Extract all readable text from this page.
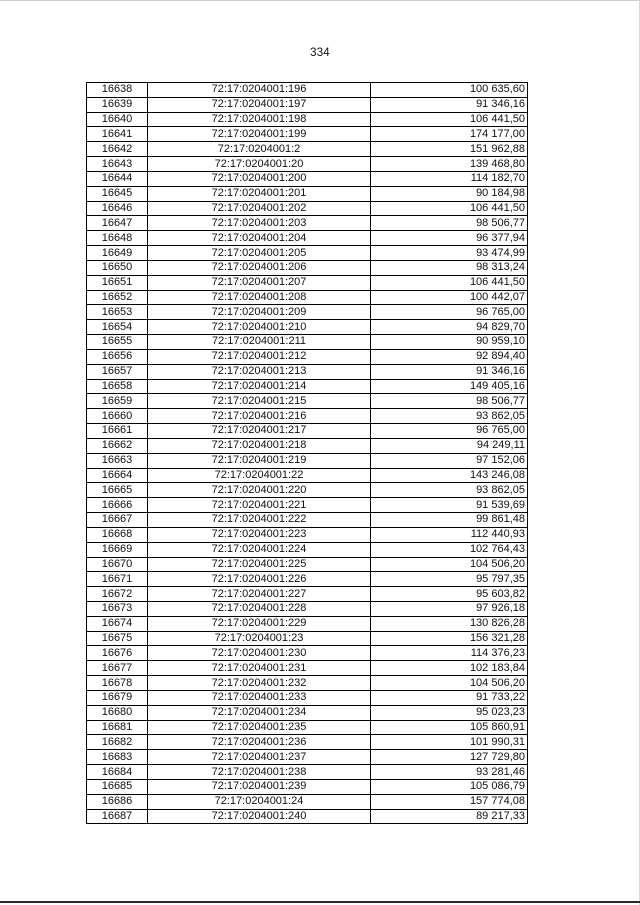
334
16638	72:17:0204001:196	100 635,60
16639	72:17:0204001:197	91 346,16
16640	72:17:0204001:198	106 441,50
16641	72:17:0204001:199	174 177,00
16642	72:17:0204001:2	151 962,88
16643	72:17:0204001:20	139 468,80
16644	72:17:0204001:200	114 182,70
16645	72:17:0204001:201	90 184,98
16646	72:17:0204001:202	106 441,50
16647	72:17:0204001:203	98 506,77
16648	72:17:0204001:204	96 377,94
16649	72:17:0204001:205	93 474,99
16650	72:17:0204001:206	98 313,24
16651	72:17:0204001:207	106 441,50
16652	72:17:0204001:208	100 442,07
16653	72:17:0204001:209	96 765,00
16654	72:17:0204001:210	94 829,70
16655	72:17:0204001:211	90 959,10
16656	72:17:0204001:212	92 894,40
16657	72:17:0204001:213	91 346,16
16658	72:17:0204001:214	149 405,16
16659	72:17:0204001:215	98 506,77
16660	72:17:0204001:216	93 862,05
16661	72:17:0204001:217	96 765,00
16662	72:17:0204001:218	94 249,11
16663	72:17:0204001:219	97 152,06
16664	72:17:0204001:22	143 246,08
16665	72:17:0204001:220	93 862,05
16666	72:17:0204001:221	91 539,69
16667	72:17:0204001:222	99 861,48
16668	72:17:0204001:223	112 440,93
16669	72:17:0204001:224	102 764,43
16670	72:17:0204001:225	104 506,20
16671	72:17:0204001:226	95 797,35
16672	72:17:0204001:227	95 603,82
16673	72:17:0204001:228	97 926,18
16674	72:17:0204001:229	130 826,28
16675	72:17:0204001:23	156 321,28
16676	72:17:0204001:230	114 376,23
16677	72:17:0204001:231	102 183,84
16678	72:17:0204001:232	104 506,20
16679	72:17:0204001:233	91 733,22
16680	72:17:0204001:234	95 023,23
16681	72:17:0204001:235	105 860,91
16682	72:17:0204001:236	101 990,31
16683	72:17:0204001:237	127 729,80
16684	72:17:0204001:238	93 281,46
16685	72:17:0204001:239	105 086,79
16686	72:17:0204001:24	157 774,08
16687	72:17:0204001:240	89 217,33
